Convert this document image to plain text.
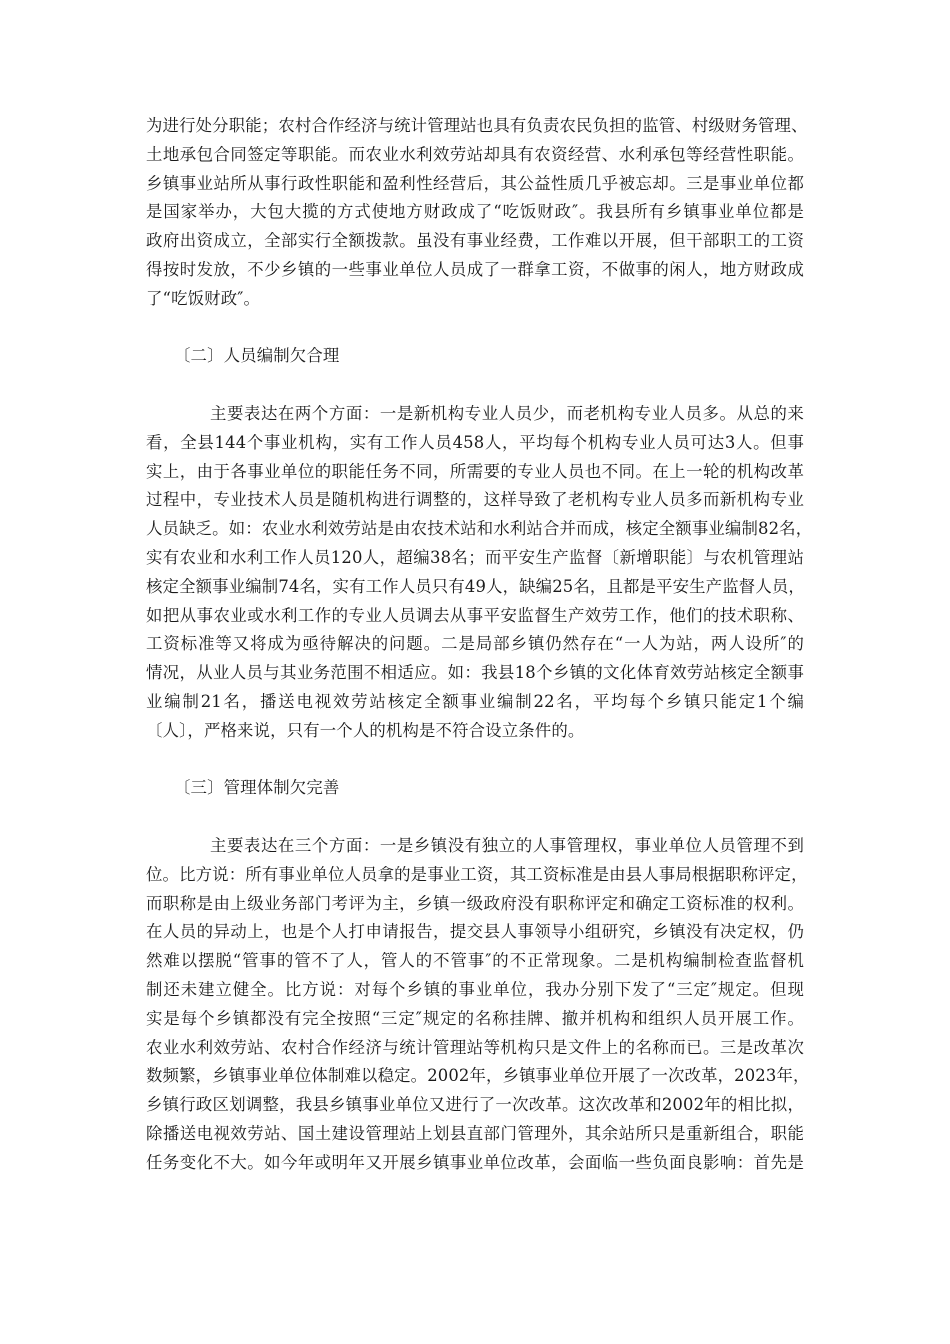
为进行处分职能；农村合作经济与统计管理站也具有负责农民负担的监管、村级财务管理、
土地承包合同签定等职能。而农业水利效劳站却具有农资经营、水利承包等经营性职能。
乡镇事业站所从事行政性职能和盈利性经营后，其公益性质几乎被忘却。三是事业单位都
是国家举办，大包大揽的方式使地方财政成了“吃饭财政″。我县所有乡镇事业单位都是
政府出资成立，全部实行全额拨款。虽没有事业经费，工作难以开展，但干部职工的工资
得按时发放，不少乡镇的一些事业单位人员成了一群拿工资，不做事的闲人，地方财政成
了“吃饭财政″。
〔二〕人员编制欠合理
主要表达在两个方面：一是新机构专业人员少，而老机构专业人员多。从总的来
看，全县144个事业机构，实有工作人员458人，平均每个机构专业人员可达3人。但事
实上，由于各事业单位的职能任务不同，所需要的专业人员也不同。在上一轮的机构改革
过程中，专业技术人员是随机构进行调整的，这样导致了老机构专业人员多而新机构专业
人员缺乏。如：农业水利效劳站是由农技术站和水利站合并而成，核定全额事业编制82名，
实有农业和水利工作人员120人，超编38名；而平安生产监督〔新增职能〕与农机管理站
核定全额事业编制74名，实有工作人员只有49人，缺编25名，且都是平安生产监督人员，
如把从事农业或水利工作的专业人员调去从事平安监督生产效劳工作，他们的技术职称、
工资标准等又将成为亟待解决的问题。二是局部乡镇仍然存在“一人为站，两人设所″的
情况，从业人员与其业务范围不相适应。如：我县18个乡镇的文化体育效劳站核定全额事
业编制21名，播送电视效劳站核定全额事业编制22名，平均每个乡镇只能定1个编
〔人〕，严格来说，只有一个人的机构是不符合设立条件的。
〔三〕管理体制欠完善
主要表达在三个方面：一是乡镇没有独立的人事管理权，事业单位人员管理不到
位。比方说：所有事业单位人员拿的是事业工资，其工资标准是由县人事局根据职称评定，
而职称是由上级业务部门考评为主，乡镇一级政府没有职称评定和确定工资标准的权利。
在人员的异动上，也是个人打申请报告，提交县人事领导小组研究，乡镇没有决定权，仍
然难以摆脱“管事的管不了人，管人的不管事″的不正常现象。二是机构编制检查监督机
制还未建立健全。比方说：对每个乡镇的事业单位，我办分别下发了“三定″规定。但现
实是每个乡镇都没有完全按照“三定″规定的名称挂牌、撤并机构和组织人员开展工作。
农业水利效劳站、农村合作经济与统计管理站等机构只是文件上的名称而已。三是改革次
数频繁，乡镇事业单位体制难以稳定。2002年，乡镇事业单位开展了一次改革，2023年，
乡镇行政区划调整，我县乡镇事业单位又进行了一次改革。这次改革和2002年的相比拟，
除播送电视效劳站、国土建设管理站上划县直部门管理外，其余站所只是重新组合，职能
任务变化不大。如今年或明年又开展乡镇事业单位改革，会面临一些负面良影响：首先是
